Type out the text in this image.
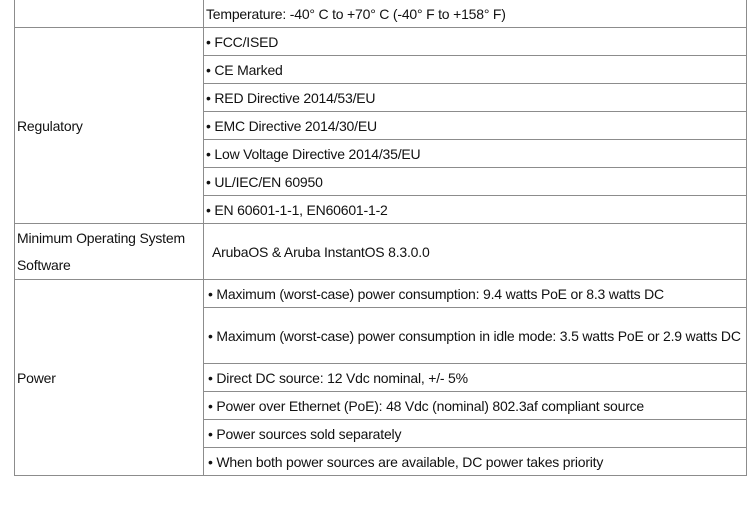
	Temperature: -40° C to +70° C (-40° F to +158° F)
Regulatory	• FCC/ISED
	• CE Marked
	• RED Directive 2014/53/EU
	• EMC Directive 2014/30/EU
	• Low Voltage Directive 2014/35/EU
	• UL/IEC/EN 60950
	• EN 60601-1-1, EN60601-1-2
Minimum Operating System Software	ArubaOS & Aruba InstantOS 8.3.0.0
Power	• Maximum (worst-case) power consumption: 9.4 watts PoE or 8.3 watts DC
	• Maximum (worst-case) power consumption in idle mode: 3.5 watts PoE or 2.9 watts DC
	• Direct DC source: 12 Vdc nominal, +/- 5%
	• Power over Ethernet (PoE): 48 Vdc (nominal) 802.3af compliant source
	• Power sources sold separately
	• When both power sources are available, DC power takes priority
